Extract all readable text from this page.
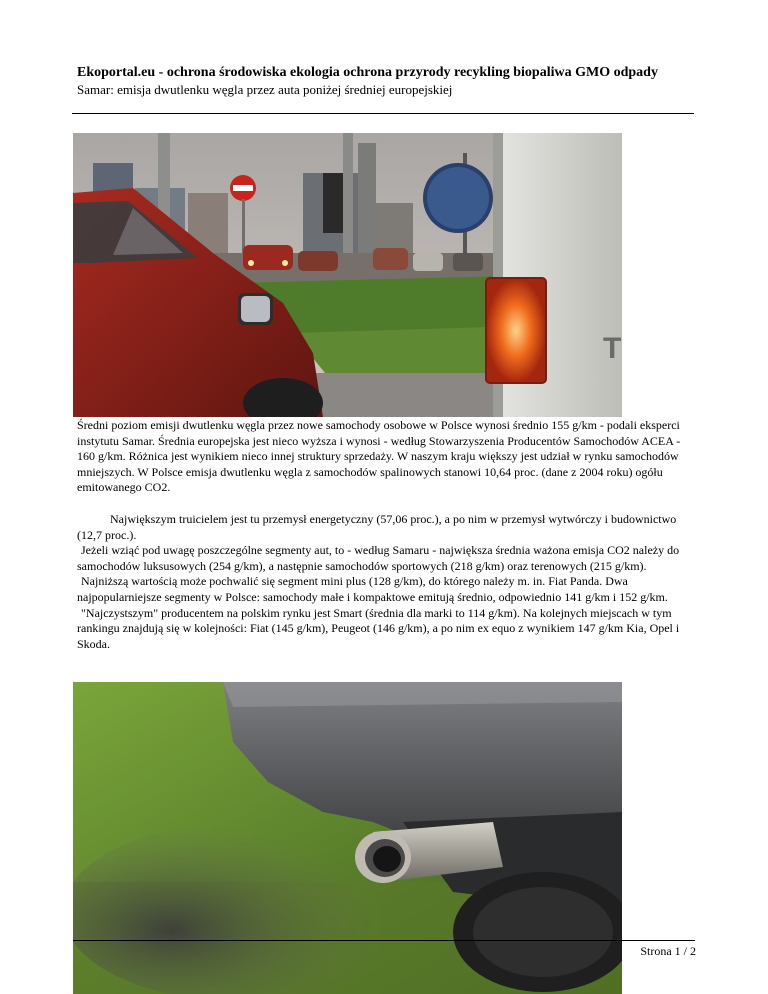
Ekoportal.eu - ochrona środowiska ekologia ochrona przyrody recykling biopaliwa GMO odpady
Samar: emisja dwutlenku węgla przez auta poniżej średniej europejskiej
T

Średni poziom emisji dwutlenku węgla przez nowe samochody osobowe w Polsce wynosi średnio 155 g/km - podali eksperci instytutu Samar. Średnia europejska jest nieco wyższa i wynosi - według Stowarzyszenia Producentów Samochodów ACEA - 160 g/km. Różnica jest wynikiem nieco innej struktury sprzedaży. W naszym kraju większy jest udział w rynku samochodów mniejszych. W Polsce emisja dwutlenku węgla z samochodów spalinowych stanowi 10,64 proc. (dane z 2004 roku) ogółu emitowanego CO2.

Największym truicielem jest tu przemysł energetyczny (57,06 proc.), a po nim w przemysł wytwórczy i budownictwo (12,7 proc.).

Jeżeli wziąć pod uwagę poszczególne segmenty aut, to - według Samaru - największa średnia ważona emisja CO2 należy do samochodów luksusowych (254 g/km), a następnie samochodów sportowych (218 g/km) oraz terenowych (215 g/km).

Najniższą wartością może pochwalić się segment mini plus (128 g/km), do którego należy m. in. Fiat Panda. Dwa najpopularniejsze segmenty w Polsce: samochody małe i kompaktowe emitują średnio, odpowiednio 141 g/km i 152 g/km.

"Najczystszym" producentem na polskim rynku jest Smart (średnia dla marki to 114 g/km). Na kolejnych miejscach w tym rankingu znajdują się w kolejności: Fiat (145 g/km), Peugeot (146 g/km), a po nim ex equo z wynikiem 147 g/km Kia, Opel i Skoda.

Strona 1 / 2
